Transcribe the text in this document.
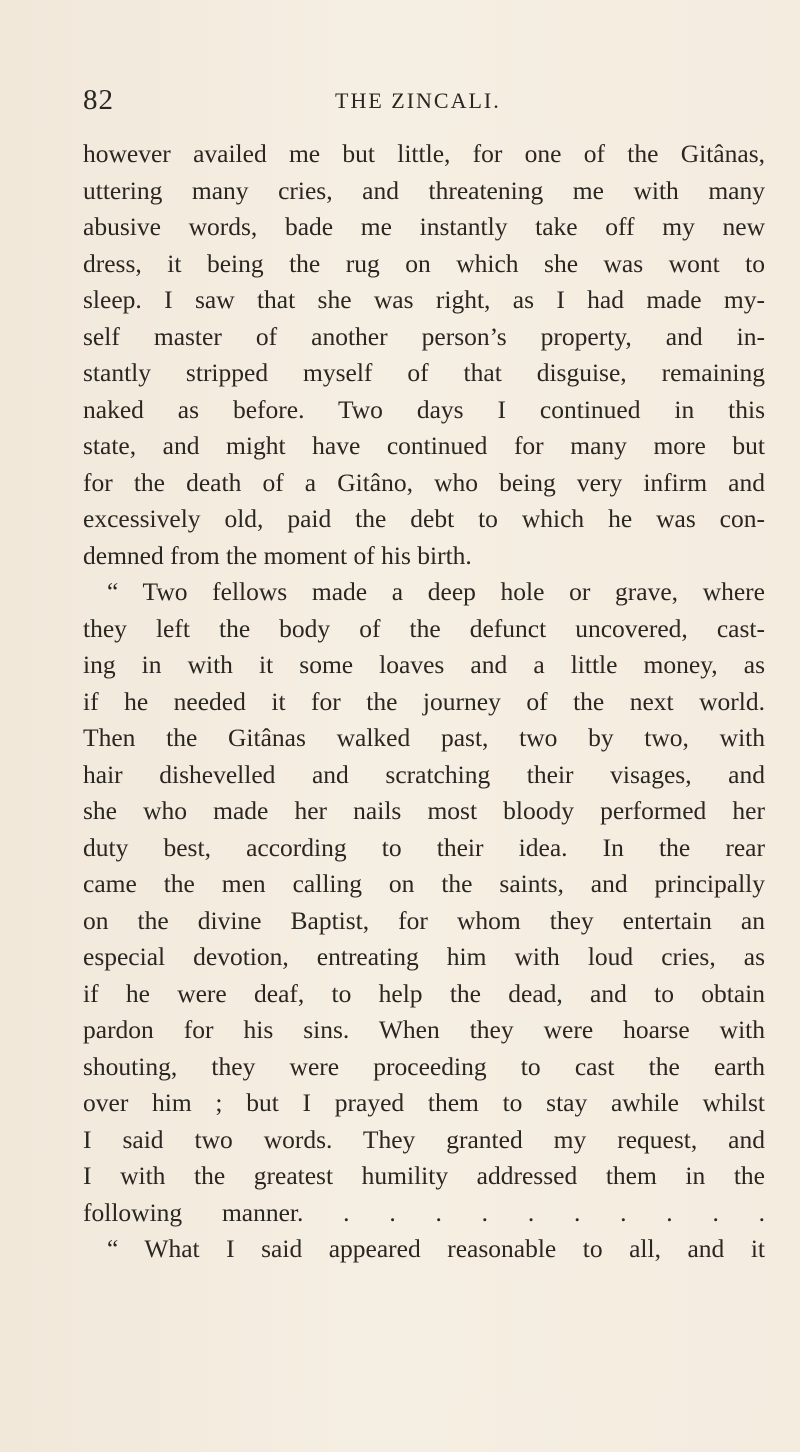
82	THE ZINCALI.
however availed me but little, for one of the Gitânas,
uttering many cries, and threatening me with many
abusive words, bade me instantly take off my new
dress, it being the rug on which she was wont to
sleep. I saw that she was right, as I had made my-
self master of another person’s property, and in-
stantly stripped myself of that disguise, remaining
naked as before. Two days I continued in this
state, and might have continued for many more but
for the death of a Gitâno, who being very infirm and
excessively old, paid the debt to which he was con-
demned from the moment of his birth.
“ Two fellows made a deep hole or grave, where
they left the body of the defunct uncovered, cast-
ing in with it some loaves and a little money, as
if he needed it for the journey of the next world.
Then the Gitânas walked past, two by two, with
hair dishevelled and scratching their visages, and
she who made her nails most bloody performed her
duty best, according to their idea. In the rear
came the men calling on the saints, and principally
on the divine Baptist, for whom they entertain an
especial devotion, entreating him with loud cries, as
if he were deaf, to help the dead, and to obtain
pardon for his sins. When they were hoarse with
shouting, they were proceeding to cast the earth
over him ; but I prayed them to stay awhile whilst
I said two words. They granted my request, and
I with the greatest humility addressed them in the
following manner. . . . . . . . . . .
“ What I said appeared reasonable to all, and it
